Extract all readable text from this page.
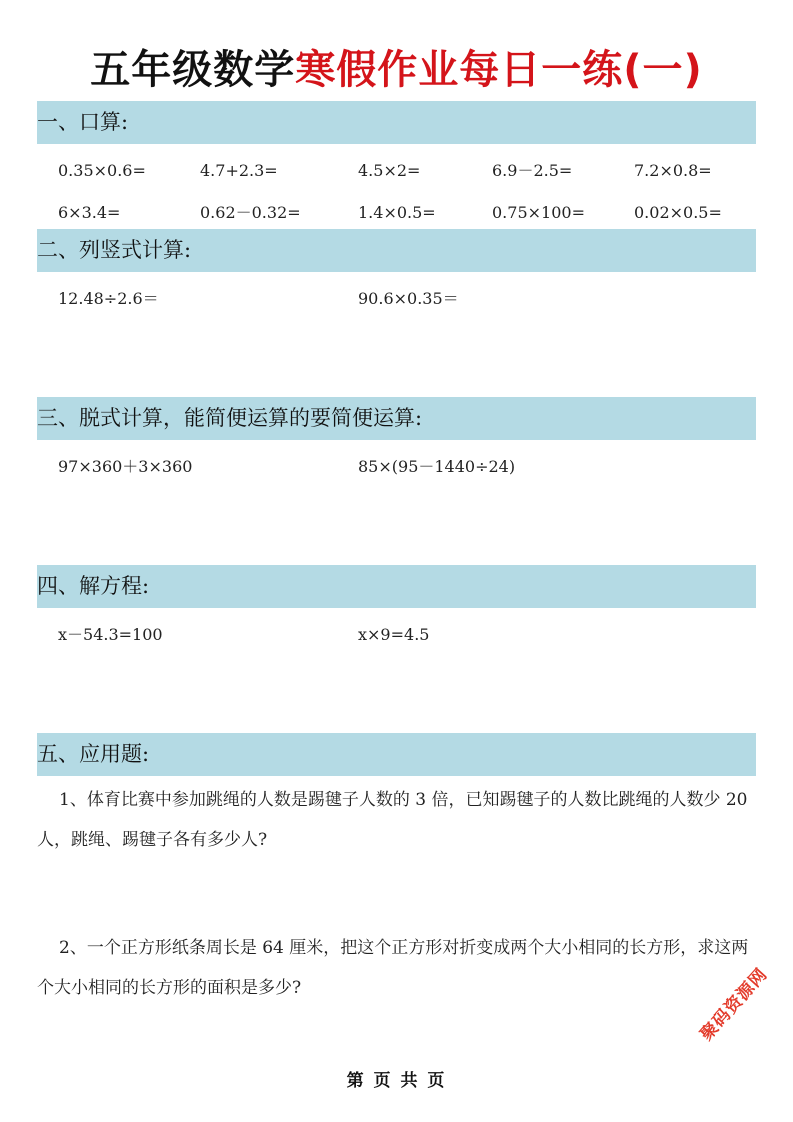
五年级数学寒假作业每日一练(一)
一、口算:
0.35×0.6=	4.7+2.3=	4.5×2=	6.9－2.5=	7.2×0.8=
6×3.4=	0.62－0.32=	1.4×0.5=	0.75×100=	0.02×0.5=
二、列竖式计算:
12.48÷2.6＝	90.6×0.35＝
三、脱式计算，能简便运算的要简便运算:
97×360＋3×360	85×(95－1440÷24)
四、解方程:
x－54.3=100	x×9=4.5
五、应用题:
1、体育比赛中参加跳绳的人数是踢毽子人数的 3 倍，已知踢毽子的人数比跳绳的人数少 20 人，跳绳、踢毽子各有多少人?
2、一个正方形纸条周长是 64 厘米，把这个正方形对折变成两个大小相同的长方形，求这两个大小相同的长方形的面积是多少?
第 页 共 页
聚码资源网
